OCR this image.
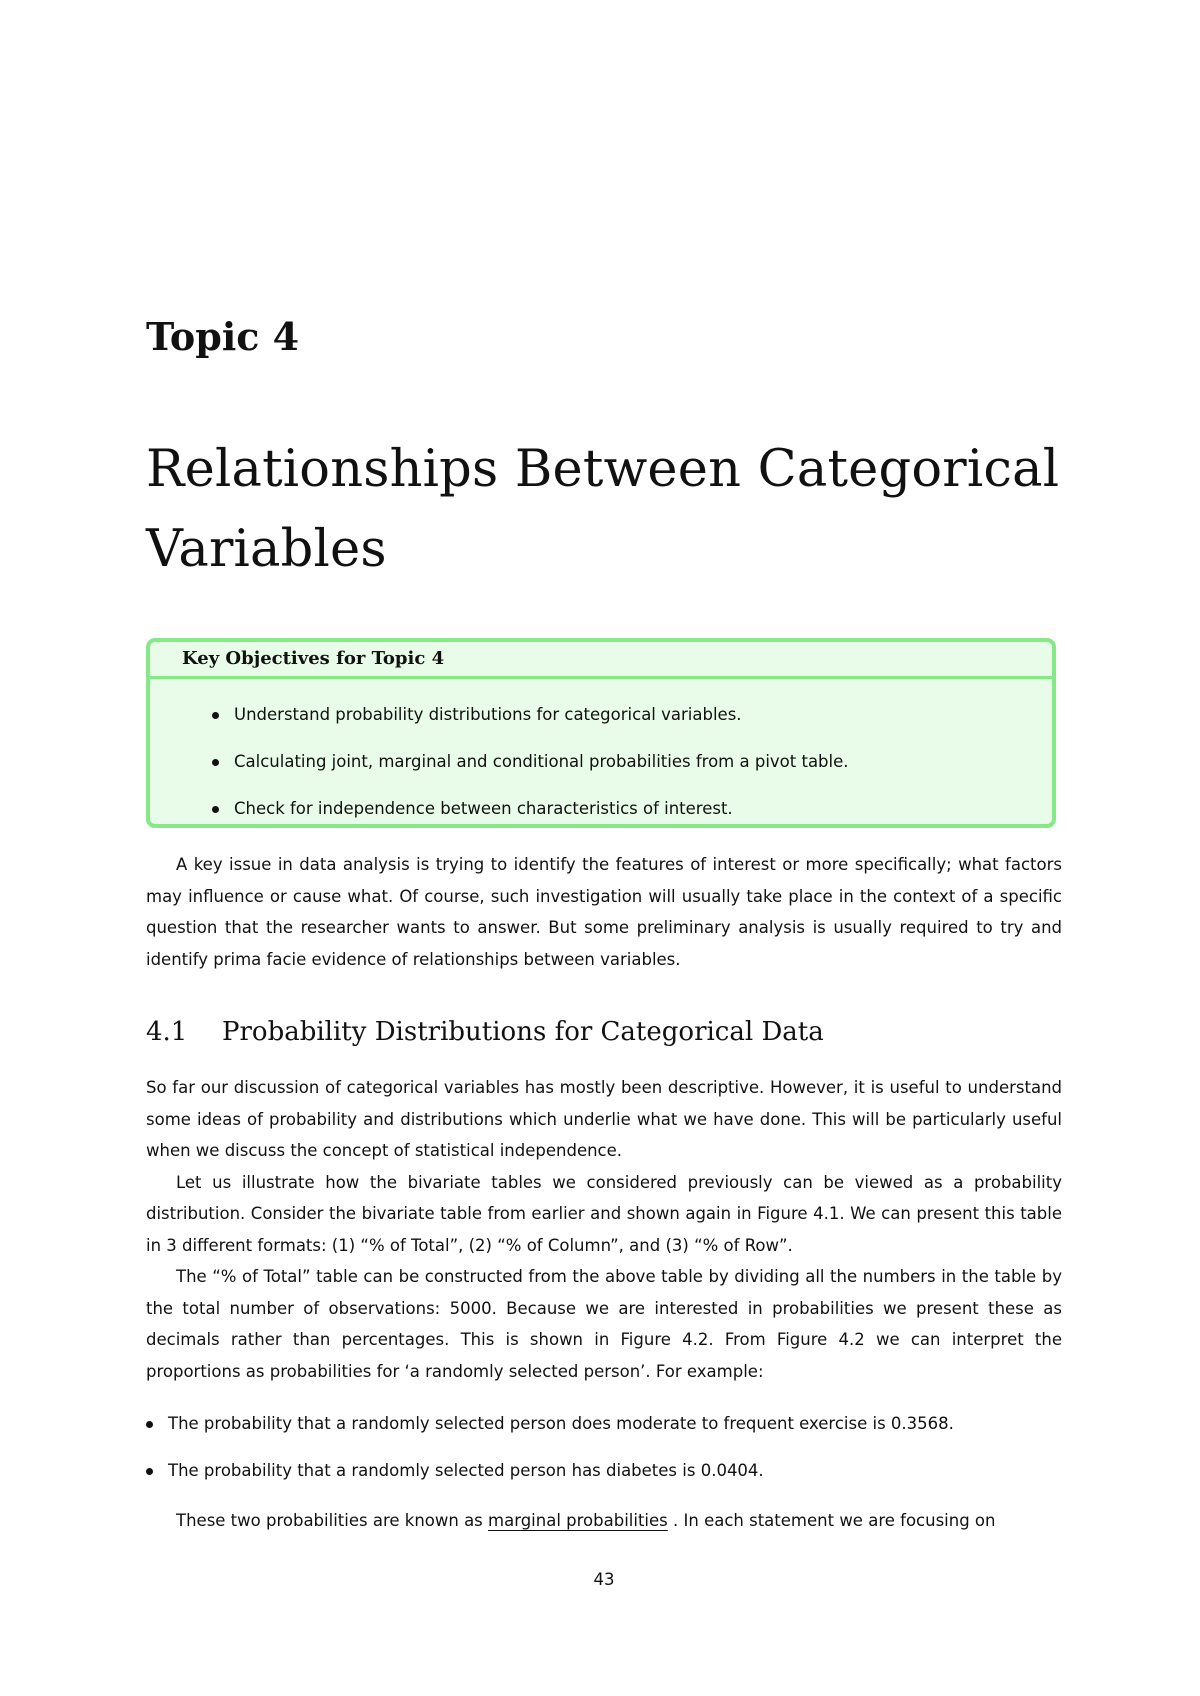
Topic 4
Relationships Between Categorical Variables
Key Objectives for Topic 4
Understand probability distributions for categorical variables.
Calculating joint, marginal and conditional probabilities from a pivot table.
Check for independence between characteristics of interest.

A key issue in data analysis is trying to identify the features of interest or more specifically; what factors may influence or cause what. Of course, such investigation will usually take place in the context of a specific question that the researcher wants to answer. But some preliminary analysis is usually required to try and identify prima facie evidence of relationships between variables.

4.1 Probability Distributions for Categorical Data

So far our discussion of categorical variables has mostly been descriptive. However, it is useful to understand some ideas of probability and distributions which underlie what we have done. This will be particularly useful when we discuss the concept of statistical independence.

Let us illustrate how the bivariate tables we considered previously can be viewed as a probability distribution. Consider the bivariate table from earlier and shown again in Figure 4.1. We can present this table in 3 different formats: (1) “% of Total”, (2) “% of Column”, and (3) “% of Row”.

The “% of Total” table can be constructed from the above table by dividing all the numbers in the table by the total number of observations: 5000. Because we are interested in probabilities we present these as decimals rather than percentages. This is shown in Figure 4.2. From Figure 4.2 we can interpret the proportions as probabilities for ‘a randomly selected person’. For example:

The probability that a randomly selected person does moderate to frequent exercise is 0.3568.
The probability that a randomly selected person has diabetes is 0.0404.

These two probabilities are known as marginal probabilities . In each statement we are focusing on

43
